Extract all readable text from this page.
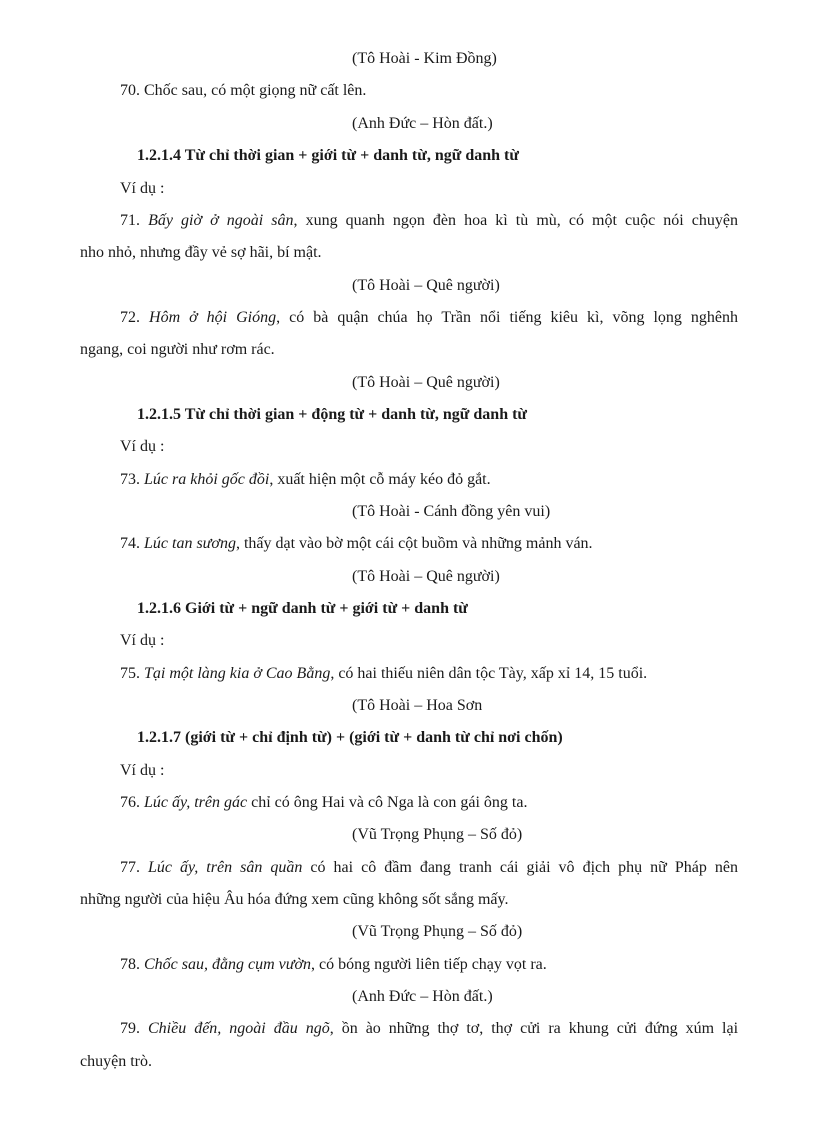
(Tô Hoài - Kim Đồng)
70. Chốc sau, có một giọng nữ cất lên.
(Anh Đức – Hòn đất.)
1.2.1.4 Từ chỉ thời gian + giới từ + danh từ, ngữ danh từ
Ví dụ :
71. Bấy giờ ở ngoài sân, xung quanh ngọn đèn hoa kì tù mù, có một cuộc nói chuyện
nho nhỏ, nhưng đầy vẻ sợ hãi, bí mật.
(Tô Hoài – Quê người)
72. Hôm ở hội Gióng, có bà quận chúa họ Trần nổi tiếng kiêu kì, võng lọng nghênh
ngang, coi người như rơm rác.
(Tô Hoài – Quê người)
1.2.1.5 Từ chỉ thời gian + động từ + danh từ, ngữ danh từ
Ví dụ :
73. Lúc ra khỏi gốc đồi, xuất hiện một cỗ máy kéo đỏ gắt.
(Tô Hoài - Cánh đồng yên vui)
74. Lúc tan sương, thấy dạt vào bờ một cái cột buồm và những mảnh ván.
(Tô Hoài – Quê người)
1.2.1.6 Giới từ + ngữ danh từ + giới từ + danh từ
Ví dụ :
75. Tại một làng kia ở Cao Bằng, có hai thiếu niên dân tộc Tày, xấp xỉ 14, 15 tuổi.
(Tô Hoài – Hoa Sơn
1.2.1.7 (giới từ + chỉ định từ) + (giới từ + danh từ chỉ nơi chốn)
Ví dụ :
76. Lúc ấy, trên gác chỉ có ông Hai và cô Nga là con gái ông ta.
(Vũ Trọng Phụng – Số đỏ)
77. Lúc ấy, trên sân quần có hai cô đầm đang tranh cái giải vô địch phụ nữ Pháp nên
những người của hiệu Âu hóa đứng xem cũng không sốt sắng mấy.
(Vũ Trọng Phụng – Số đỏ)
78. Chốc sau, đằng cụm vườn, có bóng người liên tiếp chạy vọt ra.
(Anh Đức – Hòn đất.)
79. Chiều đến, ngoài đầu ngõ, ồn ào những thợ tơ, thợ cửi ra khung cửi đứng xúm lại
chuyện trò.
